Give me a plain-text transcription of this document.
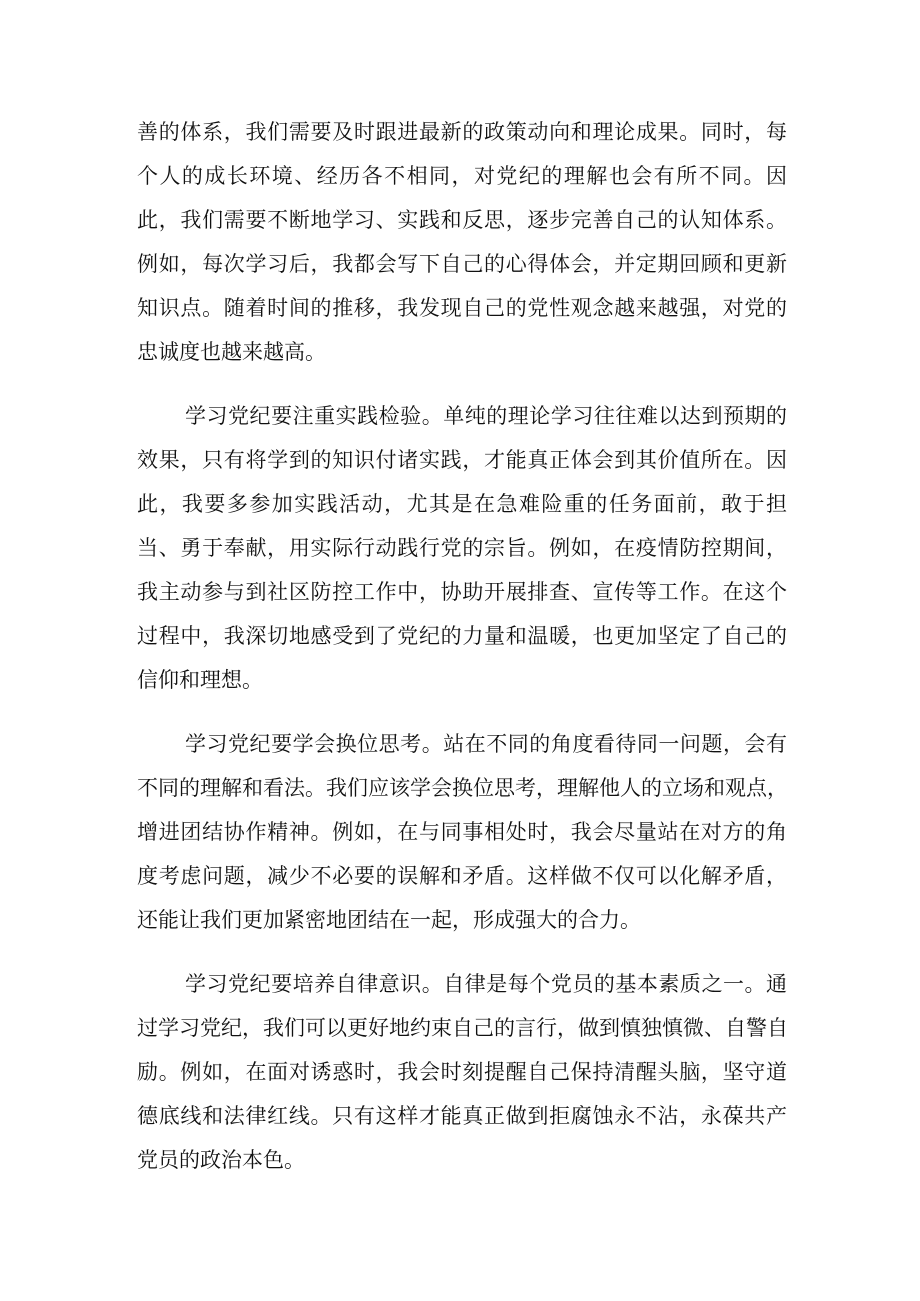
善的体系，我们需要及时跟进最新的政策动向和理论成果。同时，每
个人的成长环境、经历各不相同，对党纪的理解也会有所不同。因
此，我们需要不断地学习、实践和反思，逐步完善自己的认知体系。
例如，每次学习后，我都会写下自己的心得体会，并定期回顾和更新
知识点。随着时间的推移，我发现自己的党性观念越来越强，对党的
忠诚度也越来越高。

学习党纪要注重实践检验。单纯的理论学习往往难以达到预期的
效果，只有将学到的知识付诸实践，才能真正体会到其价值所在。因
此，我要多参加实践活动，尤其是在急难险重的任务面前，敢于担
当、勇于奉献，用实际行动践行党的宗旨。例如，在疫情防控期间，
我主动参与到社区防控工作中，协助开展排查、宣传等工作。在这个
过程中，我深切地感受到了党纪的力量和温暖，也更加坚定了自己的
信仰和理想。

学习党纪要学会换位思考。站在不同的角度看待同一问题，会有
不同的理解和看法。我们应该学会换位思考，理解他人的立场和观点，
增进团结协作精神。例如，在与同事相处时，我会尽量站在对方的角
度考虑问题，减少不必要的误解和矛盾。这样做不仅可以化解矛盾，
还能让我们更加紧密地团结在一起，形成强大的合力。

学习党纪要培养自律意识。自律是每个党员的基本素质之一。通
过学习党纪，我们可以更好地约束自己的言行，做到慎独慎微、自警自
励。例如，在面对诱惑时，我会时刻提醒自己保持清醒头脑，坚守道
德底线和法律红线。只有这样才能真正做到拒腐蚀永不沾，永葆共产
党员的政治本色。
